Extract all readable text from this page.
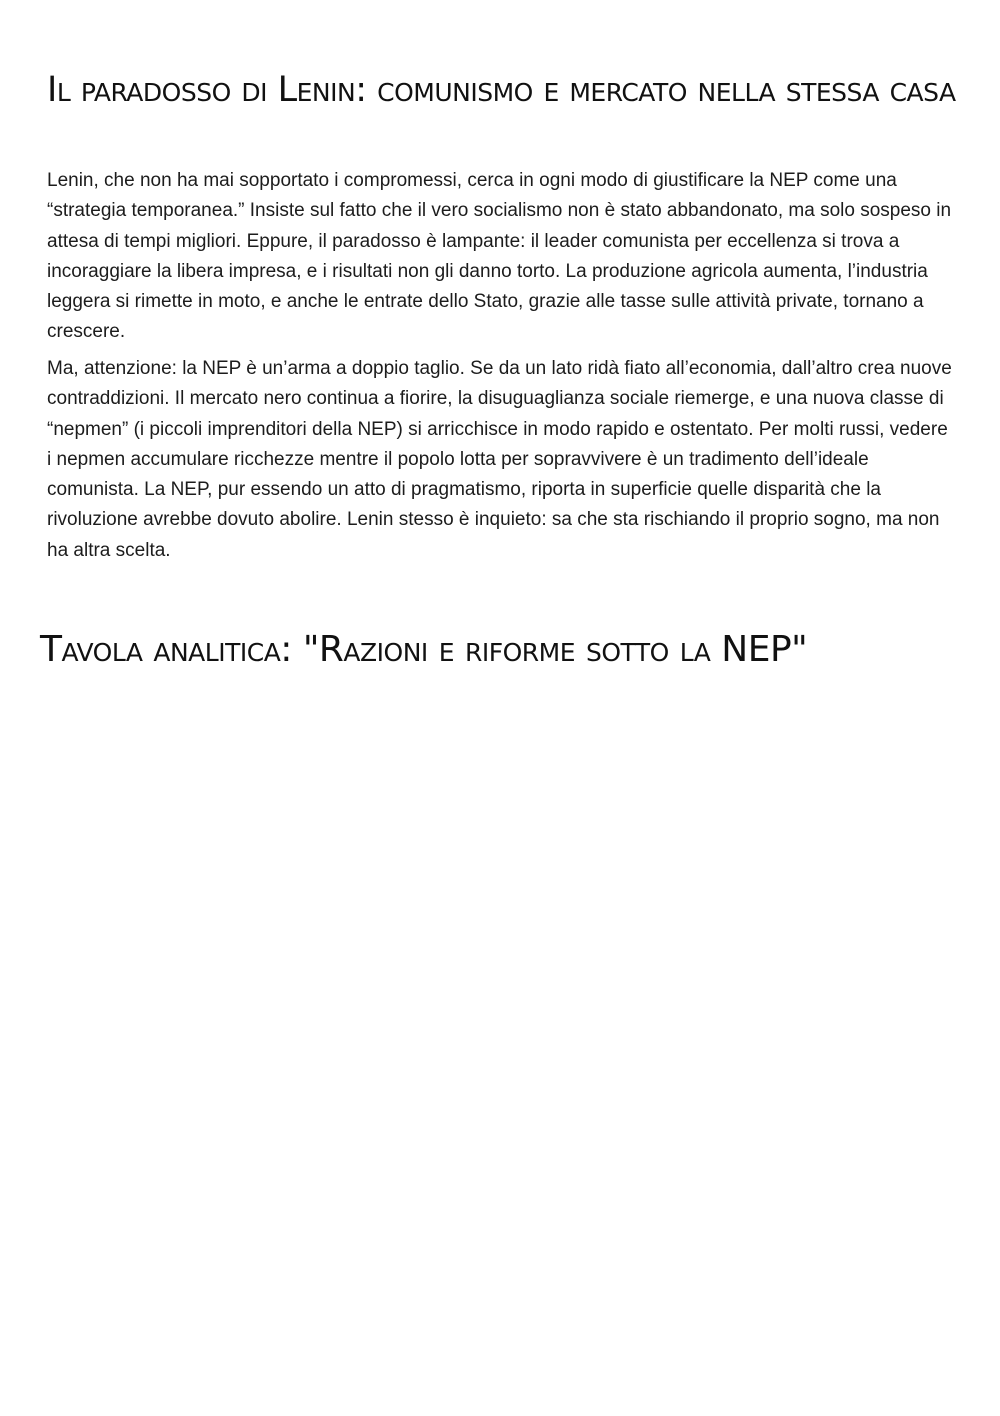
Il paradosso di Lenin: comunismo e mercato nella stessa casa

Lenin, che non ha mai sopportato i compromessi, cerca in ogni modo di giustificare la NEP come una “strategia temporanea.” Insiste sul fatto che il vero socialismo non è stato abbandonato, ma solo sospeso in attesa di tempi migliori. Eppure, il paradosso è lampante: il leader comunista per eccellenza si trova a incoraggiare la libera impresa, e i risultati non gli danno torto. La produzione agricola aumenta, l’industria leggera si rimette in moto, e anche le entrate dello Stato, grazie alle tasse sulle attività private, tornano a crescere.

Ma, attenzione: la NEP è un’arma a doppio taglio. Se da un lato ridà fiato all’economia, dall’altro crea nuove contraddizioni. Il mercato nero continua a fiorire, la disuguaglianza sociale riemerge, e una nuova classe di “nepmen” (i piccoli imprenditori della NEP) si arricchisce in modo rapido e ostentato. Per molti russi, vedere i nepmen accumulare ricchezze mentre il popolo lotta per sopravvivere è un tradimento dell’ideale comunista. La NEP, pur essendo un atto di pragmatismo, riporta in superficie quelle disparità che la rivoluzione avrebbe dovuto abolire. Lenin stesso è inquieto: sa che sta rischiando il proprio sogno, ma non ha altra scelta.

Tavola analitica: "Razioni e riforme sotto la NEP"
